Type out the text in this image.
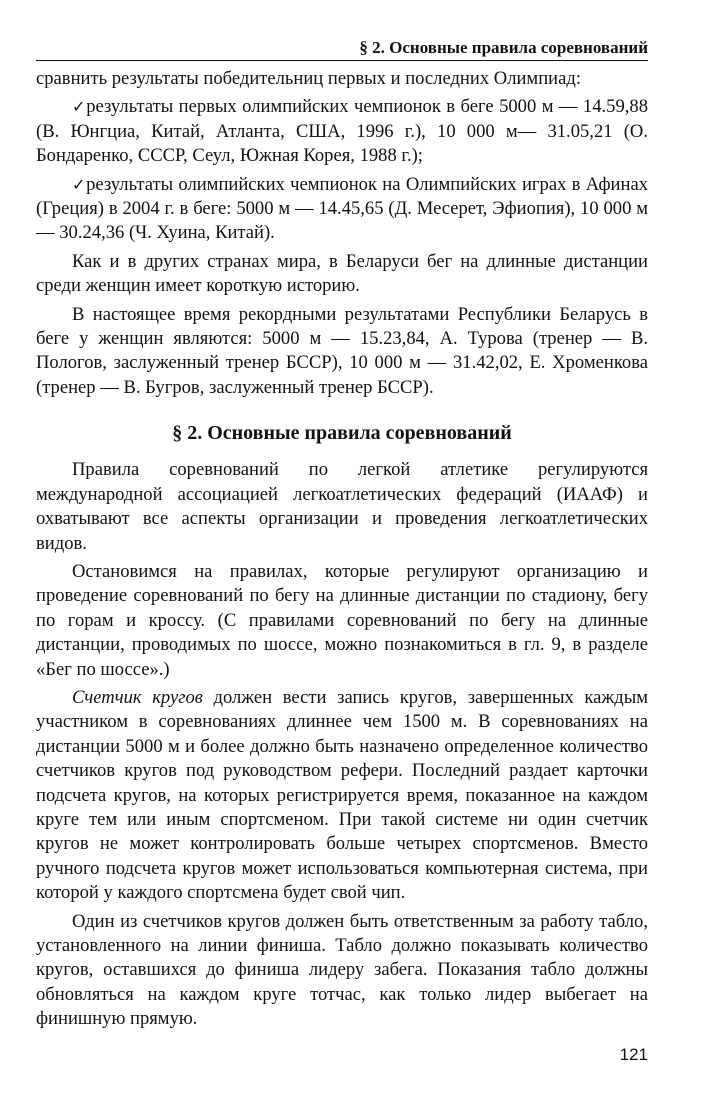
§ 2. Основные правила соревнований

сравнить результаты победительниц первых и последних Олимпиад:

✓результаты первых олимпийских чемпионок в беге 5000 м — 14.59,88 (В. Юнгциа, Китай, Атланта, США, 1996 г.), 10 000 м— 31.05,21 (О. Бондаренко, СССР, Сеул, Южная Корея, 1988 г.);

✓результаты олимпийских чемпионок на Олимпийских играх в Афинах (Греция) в 2004 г. в беге: 5000 м — 14.45,65 (Д. Месерет, Эфиопия), 10 000 м — 30.24,36 (Ч. Хуина, Китай).

Как и в других странах мира, в Беларуси бег на длинные дистанции среди женщин имеет короткую историю.

В настоящее время рекордными результатами Республики Беларусь в беге у женщин являются: 5000 м — 15.23,84, А. Турова (тренер — В. Пологов, заслуженный тренер БССР), 10 000 м — 31.42,02, Е. Хроменкова (тренер — В. Бугров, заслуженный тренер БССР).

§ 2. Основные правила соревнований

Правила соревнований по легкой атлетике регулируются международной ассоциацией легкоатлетических федераций (ИААФ) и охватывают все аспекты организации и проведения легкоатлетических видов.

Остановимся на правилах, которые регулируют организацию и проведение соревнований по бегу на длинные дистанции по стадиону, бегу по горам и кроссу. (С правилами соревнований по бегу на длинные дистанции, проводимых по шоссе, можно познакомиться в гл. 9, в разделе «Бег по шоссе».)

Счетчик кругов должен вести запись кругов, завершенных каждым участником в соревнованиях длиннее чем 1500 м. В соревнованиях на дистанции 5000 м и более должно быть назначено определенное количество счетчиков кругов под руководством рефери. Последний раздает карточки подсчета кругов, на которых регистрируется время, показанное на каждом круге тем или иным спортсменом. При такой системе ни один счетчик кругов не может контролировать больше четырех спортсменов. Вместо ручного подсчета кругов может использоваться компьютерная система, при которой у каждого спортсмена будет свой чип.

Один из счетчиков кругов должен быть ответственным за работу табло, установленного на линии финиша. Табло должно показывать количество кругов, оставшихся до финиша лидеру забега. Показания табло должны обновляться на каждом круге тотчас, как только лидер выбегает на финишную прямую.

121
